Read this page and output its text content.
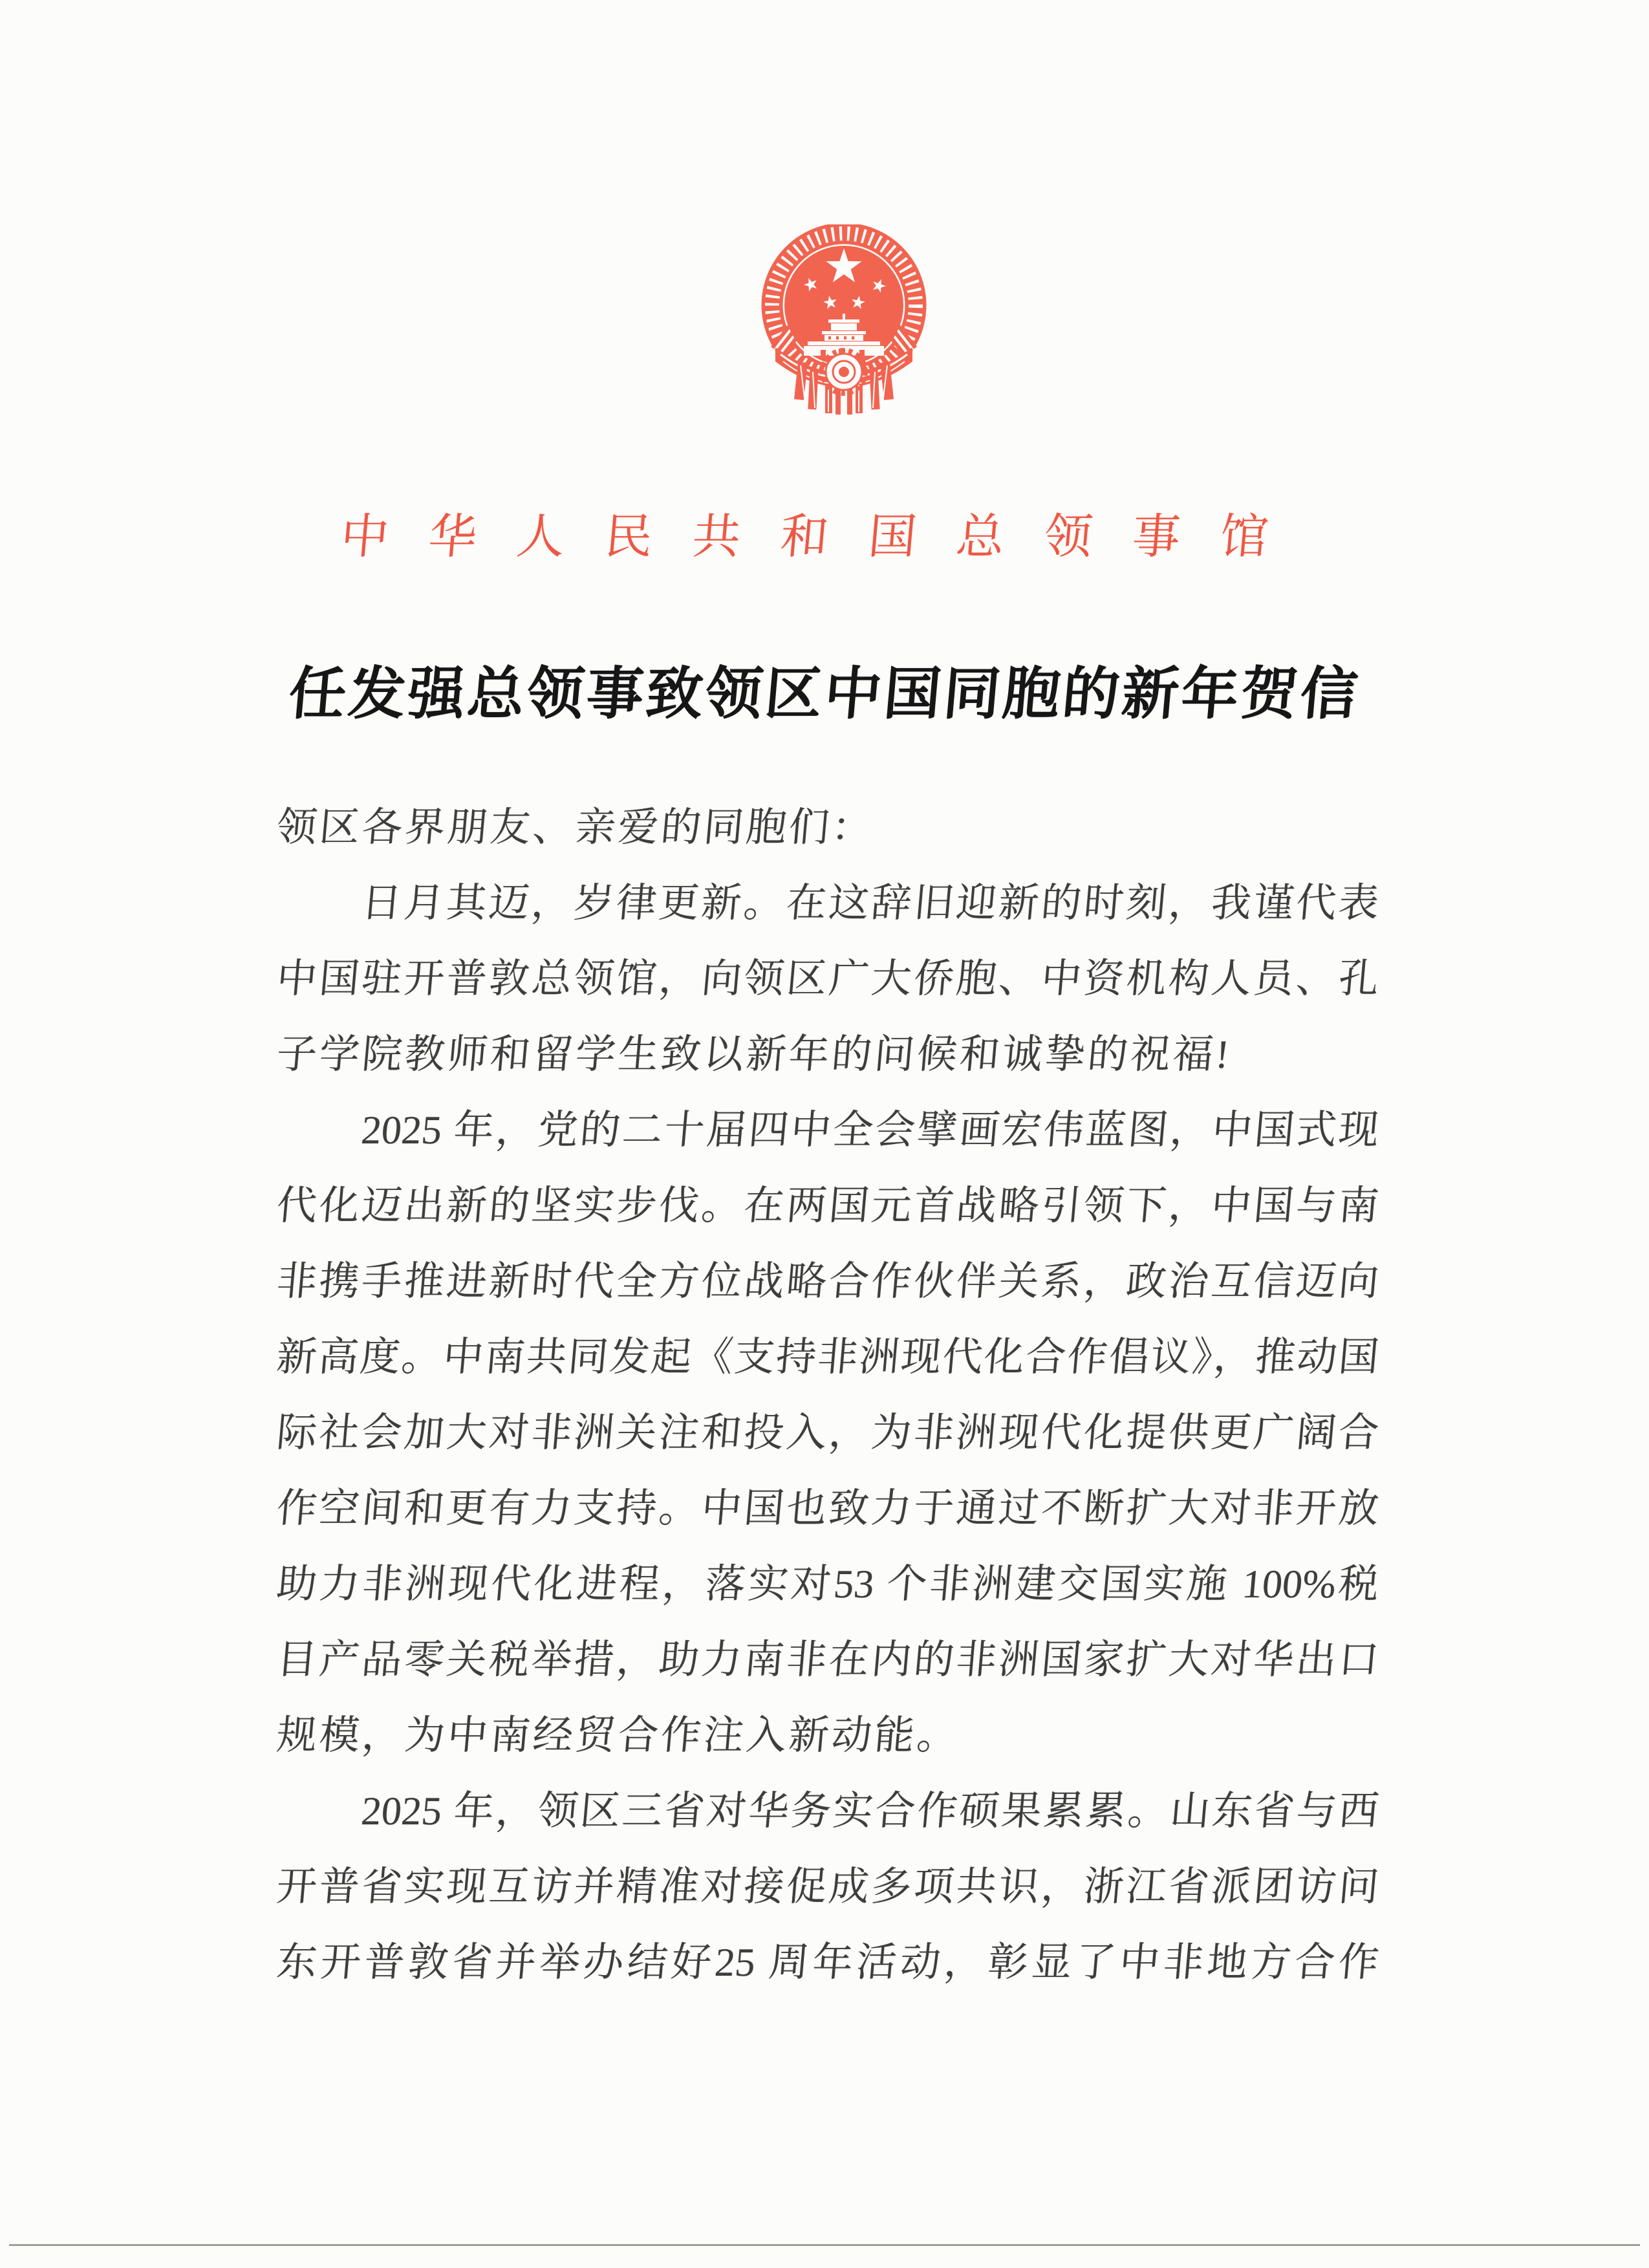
中华人民共和国总领事馆
任发强总领事致领区中国同胞的新年贺信
领区各界朋友、亲爱的同胞们：
日月其迈，岁律更新。在这辞旧迎新的时刻，我谨代表
中国驻开普敦总领馆，向领区广大侨胞、中资机构人员、孔
子学院教师和留学生致以新年的问候和诚挚的祝福!
2025 年，党的二十届四中全会擘画宏伟蓝图，中国式现
代化迈出新的坚实步伐。在两国元首战略引领下，中国与南
非携手推进新时代全方位战略合作伙伴关系，政治互信迈向
新高度。中南共同发起《支持非洲现代化合作倡议》，推动国
际社会加大对非洲关注和投入，为非洲现代化提供更广阔合
作空间和更有力支持。中国也致力于通过不断扩大对非开放
助力非洲现代化进程，落实对53 个非洲建交国实施 100%税
目产品零关税举措，助力南非在内的非洲国家扩大对华出口
规模，为中南经贸合作注入新动能。
2025 年，领区三省对华务实合作硕果累累。山东省与西
开普省实现互访并精准对接促成多项共识，浙江省派团访问
东开普敦省并举办结好25 周年活动，彰显了中非地方合作
